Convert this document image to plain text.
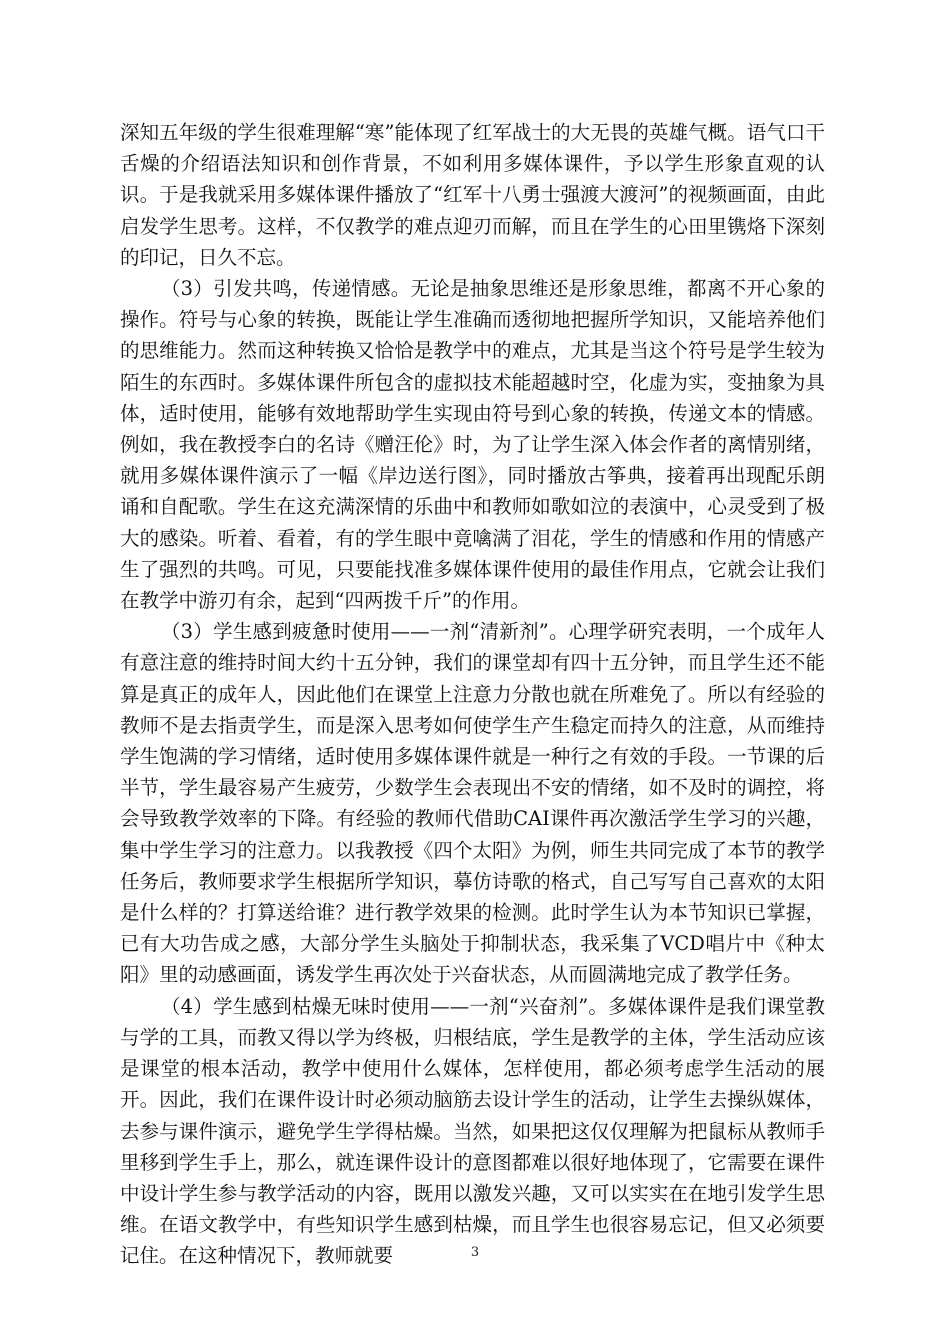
深知五年级的学生很难理解“寒”能体现了红军战士的大无畏的英雄气概。语气口干舌燥的介绍语法知识和创作背景，不如利用多媒体课件，予以学生形象直观的认识。于是我就采用多媒体课件播放了“红军十八勇士强渡大渡河”的视频画面，由此启发学生思考。这样，不仅教学的难点迎刃而解，而且在学生的心田里镌烙下深刻的印记，日久不忘。

（3）引发共鸣，传递情感。无论是抽象思维还是形象思维，都离不开心象的操作。符号与心象的转换，既能让学生准确而透彻地把握所学知识，又能培养他们的思维能力。然而这种转换又恰恰是教学中的难点，尤其是当这个符号是学生较为陌生的东西时。多媒体课件所包含的虚拟技术能超越时空，化虚为实，变抽象为具体，适时使用，能够有效地帮助学生实现由符号到心象的转换，传递文本的情感。例如，我在教授李白的名诗《赠汪伦》时，为了让学生深入体会作者的离情别绪，就用多媒体课件演示了一幅《岸边送行图》，同时播放古筝典，接着再出现配乐朗诵和自配歌。学生在这充满深情的乐曲中和教师如歌如泣的表演中，心灵受到了极大的感染。听着、看着，有的学生眼中竟噙满了泪花，学生的情感和作用的情感产生了强烈的共鸣。可见，只要能找准多媒体课件使用的最佳作用点，它就会让我们在教学中游刃有余，起到“四两拨千斤”的作用。

（3）学生感到疲惫时使用——一剂“清新剂”。心理学研究表明，一个成年人有意注意的维持时间大约十五分钟，我们的课堂却有四十五分钟，而且学生还不能算是真正的成年人，因此他们在课堂上注意力分散也就在所难免了。所以有经验的教师不是去指责学生，而是深入思考如何使学生产生稳定而持久的注意，从而维持学生饱满的学习情绪，适时使用多媒体课件就是一种行之有效的手段。一节课的后半节，学生最容易产生疲劳，少数学生会表现出不安的情绪，如不及时的调控，将会导致教学效率的下降。有经验的教师代借助CAI课件再次激活学生学习的兴趣，集中学生学习的注意力。以我教授《四个太阳》为例，师生共同完成了本节的教学任务后，教师要求学生根据所学知识，摹仿诗歌的格式，自己写写自己喜欢的太阳是什么样的？打算送给谁？进行教学效果的检测。此时学生认为本节知识已掌握，已有大功告成之感，大部分学生头脑处于抑制状态，我采集了VCD唱片中《种太阳》里的动感画面，诱发学生再次处于兴奋状态，从而圆满地完成了教学任务。

（4）学生感到枯燥无味时使用——一剂“兴奋剂”。多媒体课件是我们课堂教与学的工具，而教又得以学为终极，归根结底，学生是教学的主体，学生活动应该是课堂的根本活动，教学中使用什么媒体，怎样使用，都必须考虑学生活动的展开。因此，我们在课件设计时必须动脑筋去设计学生的活动，让学生去操纵媒体，去参与课件演示，避免学生学得枯燥。当然，如果把这仅仅理解为把鼠标从教师手里移到学生手上，那么，就连课件设计的意图都难以很好地体现了，它需要在课件中设计学生参与教学活动的内容，既用以激发兴趣，又可以实实在在地引发学生思维。在语文教学中，有些知识学生感到枯燥，而且学生也很容易忘记，但又必须要记住。在这种情况下，教师就要	3
